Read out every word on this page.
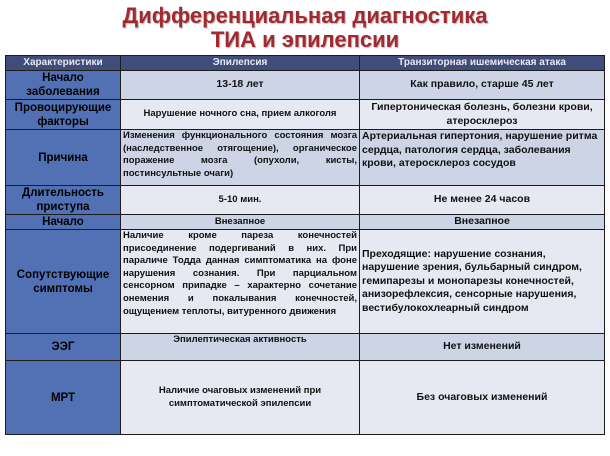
Дифференциальная диагностика
ТИА и эпилепсии
Характеристики	Эпилепсия	Транзиторная ишемическая атака
Начало заболевания	13-18 лет	Как правило, старше 45 лет
Провоцирующие факторы	Нарушение ночного сна, прием алкоголя	Гипертоническая болезнь, болезни крови, атеросклероз
Причина	Изменения функционального состояния мозга (наследственное отягощение), органическое поражение мозга (опухоли, кисты, постинсультные очаги)	Артериальная гипертония, нарушение ритма сердца, патология сердца, заболевания крови, атеросклероз сосудов
Длительность приступа	5-10 мин.	Не менее 24 часов
Начало	Внезапное	Внезапное
Сопутствующие симптомы	Наличие кроме пареза конечностей присоединение подергиваний в них. При параличе Тодда данная симптоматика на фоне нарушения сознания. При парциальном сенсорном припадке – характерно сочетание онемения и покалывания конечностей, ощущением теплоты, витуренного движения	Преходящие: нарушение сознания, нарушение зрения, бульбарный синдром, гемипарезы и монопарезы конечностей, анизорефлексия, сенсорные нарушения, вестибулокохлеарный синдром
ЭЭГ	Эпилептическая активность	Нет изменений
МРТ	Наличие очаговых изменений при симптоматической эпилепсии	Без очаговых изменений
